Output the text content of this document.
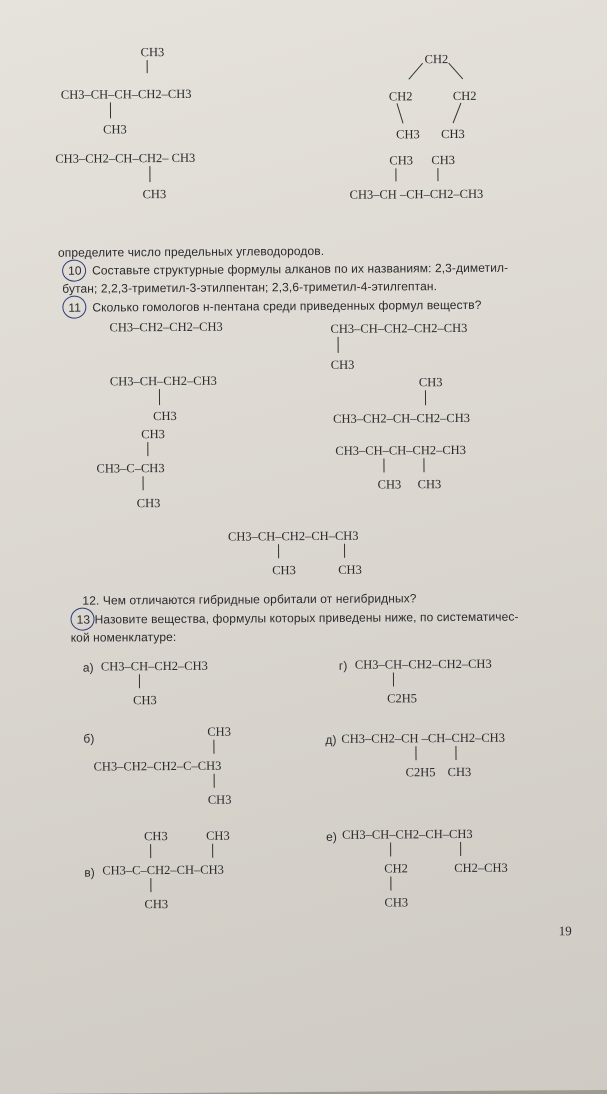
CH3
CH3–CH–CH–CH2–CH3
CH3
CH3–CH2–CH–CH2– CH3
CH3
CH2
CH2	CH2
CH3 CH3
CH3 CH3
CH3–CH –CH–CH2–CH3
определите число предельных углеводородов.
10 Составьте структурные формулы алканов по их названиям: 2,3-диметил-
бутан; 2,2,3-триметил-3-этилпентан; 2,3,6-триметил-4-этилгептан.
11 Сколько гомологов н-пентана среди приведенных формул веществ?
CH3–CH2–CH2–CH3	CH3–CH–CH2–CH2–CH3
CH3
CH3–CH–CH2–CH3
CH3
CH3
CH3–CH2–CH–CH2–CH3
CH3
CH3–C–CH3
CH3
CH3–CH–CH–CH2–CH3
CH3 CH3
CH3–CH–CH2–CH–CH3
CH3	CH3
12. Чем отличаются гибридные орбитали от негибридных?
13 Назовите вещества, формулы которых приведены ниже, по систематичес-
кой номенклатуре:
а) CH3–CH–CH2–CH3
CH3
г) CH3–CH–CH2–CH2–CH3
C2H5
б)	CH3
CH3–CH2–CH2–C–CH3
CH3
д) CH3–CH2–CH –CH–CH2–CH3
C2H5 CH3
CH3	CH3
в) CH3–C–CH2–CH–CH3
CH3
е) CH3–CH–CH2–CH–CH3
CH2	CH2–CH3
CH3
19
